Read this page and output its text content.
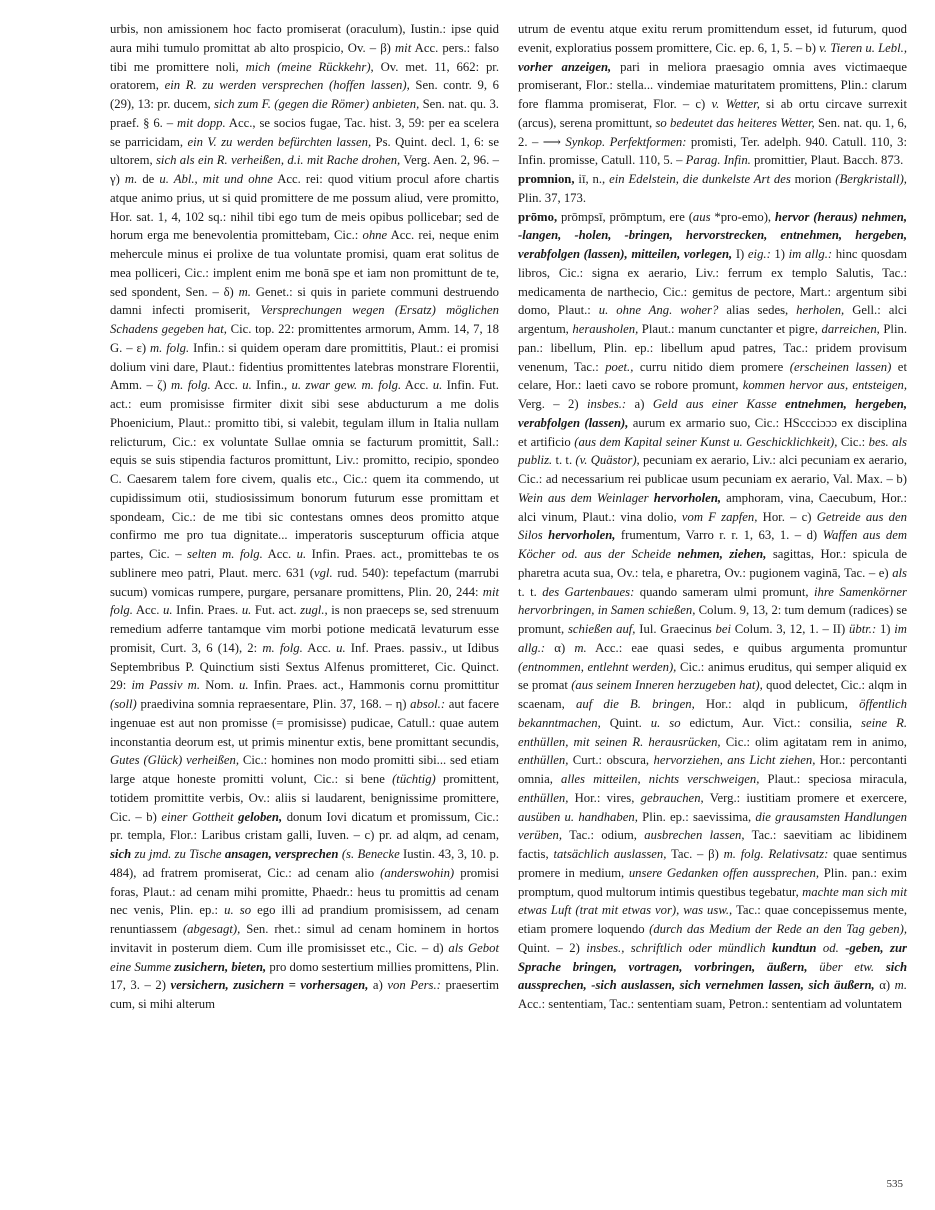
urbis, non amissionem hoc facto promiserat (oraculum), Iustin.: ipse quid aura mihi tumulo promittat ab alto prospicio, Ov. – β) mit Acc. pers.: falso tibi me promittere noli, mich (meine Rückkehr), Ov. met. 11, 662: pr. oratorem, ein R. zu werden versprechen (hoffen lassen), Sen. contr. 9, 6 (29), 13: pr. ducem, sich zum F. (gegen die Römer) anbieten, Sen. nat. qu. 3. praef. § 6. – mit dopp. Acc., se socios fugae, Tac. hist. 3, 59: per ea scelera se parricidam, ein V. zu werden befürchten lassen, Ps. Quint. decl. 1, 6: se ultorem, sich als ein R. verheißen, d.i. mit Rache drohen, Verg. Aen. 2, 96. – γ) m. de u. Abl., mit und ohne Acc. rei: quod vitium procul afore chartis atque animo prius, ut si quid promittere de me possum aliud, vere promitto, Hor. sat. 1, 4, 102 sq.: nihil tibi ego tum de meis opibus pollicebar; sed de horum erga me benevolentia promittebam, Cic.: ohne Acc. rei, neque enim mehercule minus ei prolixe de tua voluntate promisi, quam erat solitus de mea polliceri, Cic.: implent enim me bonā spe et iam non promittunt de te, sed spondent, Sen. – δ) m. Genet.: si quis in pariete communi destruendo damni infecti promiserit, Versprechungen wegen (Ersatz) möglichen Schadens gegeben hat, Cic. top. 22: promittentes armorum, Amm. 14, 7, 18 G. – ε) m. folg. Infin.: si quidem operam dare promittitis, Plaut.: ei promisi dolium vini dare, Plaut.: fidentius promittentes latebras monstrare Florentii, Amm. – ζ) m. folg. Acc. u. Infin., u. zwar gew. m. folg. Acc. u. Infin. Fut. act.: eum promisisse firmiter dixit sibi sese abducturum a me dolis Phoenicium, Plaut.: promitto tibi, si valebit, tegulam illum in Italia nullam relicturum, Cic.: ex voluntate Sullae omnia se facturum promittit, Sall.: equis se suis stipendia facturos promittunt, Liv.: promitto, recipio, spondeo C. Caesarem talem fore civem, qualis etc., Cic.: quem ita commendo, ut cupidissimum otii, studiosissimum bonorum futurum esse promittam et spondeam, Cic.: de me tibi sic contestans omnes deos promitto atque confirmo me pro tua dignitate... imperatoris suscepturum officia atque partes, Cic. – selten m. folg. Acc. u. Infin. Praes. act., promittebas te os sublinere meo patri, Plaut. merc. 631 (vgl. rud. 540): tepefactum (marrubi sucum) vomicas rumpere, purgare, persanare promittens, Plin. 20, 244: mit folg. Acc. u. Infin. Praes. u. Fut. act. zugl., is non praeceps se, sed strenuum remedium adferre tantamque vim morbi potione medicatā levaturum esse promisit, Curt. 3, 6 (14), 2: m. folg. Acc. u. Inf. Praes. passiv., ut Idibus Septembribus P. Quinctium sisti Sextus Alfenus promitteret, Cic. Quinct. 29: im Passiv m. Nom. u. Infin. Praes. act., Hammonis cornu promittitur (soll) praedivina somnia repraesentare, Plin. 37, 168. – η) absol.: aut facere ingenuae est aut non promisse (= promisisse) pudicae, Catull.: quae autem inconstantia deorum est, ut primis minentur extis, bene promittant secundis, Gutes (Glück) verheißen, Cic.: homines non modo promitti sibi... sed etiam large atque honeste promitti volunt, Cic.: si bene (tüchtig) promittent, totidem promittite verbis, Ov.: aliis si laudarent, benignissime promittere, Cic. – b) einer Gottheit geloben, donum Iovi dicatum et promissum, Cic.: pr. templa, Flor.: Laribus cristam galli, Iuven. – c) pr. ad alqm, ad cenam, sich zu jmd. zu Tische ansagen, versprechen (s. Benecke Iustin. 43, 3, 10. p. 484), ad fratrem promiserat, Cic.: ad cenam alio (anderswohin) promisi foras, Plaut.: ad cenam mihi promitte, Phaedr.: heus tu promittis ad cenam nec venis, Plin. ep.: u. so ego illi ad prandium promisissem, ad cenam renuntiassem (abgesagt), Sen. rhet.: simul ad cenam hominem in hortos invitavit in posterum diem. Cum ille promisisset etc., Cic. – d) als Gebot eine Summe zusichern, bieten, pro domo sestertium millies promittens, Plin. 17, 3. – 2) versichern, zusichern = vorhersagen, a) von Pers.: praesertim cum, si mihi alterum

utrum de eventu atque exitu rerum promittendum esset, id futurum, quod evenit, exploratius possem promittere, Cic. ep. 6, 1, 5. – b) v. Tieren u. Lebl., vorher anzeigen, pari in meliora praesagio omnia aves victimaeque promiserant, Flor.: stella... vindemiae maturitatem promittens, Plin.: clarum fore flamma promiserat, Flor. – c) v. Wetter, si ab ortu circave surrexit (arcus), serena promittunt, so bedeutet das heiteres Wetter, Sen. nat. qu. 1, 6, 2. – ⟶ Synkop. Perfektformen: promisti, Ter. adelph. 940. Catull. 110, 3: Infin. promisse, Catull. 110, 5. – Parag. Infin. promittier, Plaut. Bacch. 873.

promnion, iī, n., ein Edelstein, die dunkelste Art des morion (Bergkristall), Plin. 37, 173.

prōmo, prōmpsī, prōmptum, ere (aus *pro-emo), hervor (heraus) nehmen, -langen, -holen, -bringen, hervorstrecken, entnehmen, hergeben, verabfolgen (lassen), mitteilen, vorlegen, I) eig.: 1) im allg.: hinc quosdam libros, Cic.: signa ex aerario, Liv.: ferrum ex templo Salutis, Tac.: medicamenta de narthecio, Cic.: gemitus de pectore, Mart.: argentum sibi domo, Plaut.: u. ohne Ang. woher? alias sedes, herholen, Gell.: alci argentum, herausholen, Plaut.: manum cunctanter et pigre, darreichen, Plin. pan.: libellum, Plin. ep.: libellum apud patres, Tac.: pridem provisum venenum, Tac.: poet., curru nitido diem promere (erscheinen lassen) et celare, Hor.: laeti cavo se robore promunt, kommen hervor aus, entsteigen, Verg. – 2) insbes.: a) Geld aus einer Kasse entnehmen, hergeben, verabfolgen (lassen), aurum ex armario suo, Cic.: HSccciɔɔɔ ex disciplina et artificio (aus dem Kapital seiner Kunst u. Geschicklichkeit), Cic.: bes. als publiz. t. t. (v. Quästor), pecuniam ex aerario, Liv.: alci pecuniam ex aerario, Cic.: ad necessarium rei publicae usum pecuniam ex aerario, Val. Max. – b) Wein aus dem Weinlager hervorholen, amphoram, vina, Caecubum, Hor.: alci vinum, Plaut.: vina dolio, vom F zapfen, Hor. – c) Getreide aus den Silos hervorholen, frumentum, Varro r. r. 1, 63, 1. – d) Waffen aus dem Köcher od. aus der Scheide nehmen, ziehen, sagittas, Hor.: spicula de pharetra acuta sua, Ov.: tela, e pharetra, Ov.: pugionem vaginā, Tac. – e) als t. t. des Gartenbaues: quando sameram ulmi promunt, ihre Samenkörner hervorbringen, in Samen schießen, Colum. 9, 13, 2: tum demum (radices) se promunt, schießen auf, Iul. Graecinus bei Colum. 3, 12, 1. – II) übtr.: 1) im allg.: α) m. Acc.: eae quasi sedes, e quibus argumenta promuntur (entnommen, entlehnt werden), Cic.: animus eruditus, qui semper aliquid ex se promat (aus seinem Inneren herzugeben hat), quod delectet, Cic.: alqm in scaenam, auf die B. bringen, Hor.: alqd in publicum, öffentlich bekanntmachen, Quint. u. so edictum, Aur. Vict.: consilia, seine R. enthüllen, mit seinen R. herausrücken, Cic.: olim agitatam rem in animo, enthüllen, Curt.: obscura, hervorziehen, ans Licht ziehen, Hor.: percontanti omnia, alles mitteilen, nichts verschweigen, Plaut.: speciosa miracula, enthüllen, Hor.: vires, gebrauchen, Verg.: iustitiam promere et exercere, ausüben u. handhaben, Plin. ep.: saevissima, die grausamsten Handlungen verüben, Tac.: odium, ausbrechen lassen, Tac.: saevitiam ac libidinem factis, tatsächlich auslassen, Tac. – β) m. folg. Relativsatz: quae sentimus promere in medium, unsere Gedanken offen aussprechen, Plin. pan.: exim promptum, quod multorum intimis questibus tegebatur, machte man sich mit etwas Luft (trat mit etwas vor), was usw., Tac.: quae concepissemus mente, etiam promere loquendo (durch das Medium der Rede an den Tag geben), Quint. – 2) insbes., schriftlich oder mündlich kundtun od. -geben, zur Sprache bringen, vortragen, vorbringen, äußern, über etw. sich aussprechen, -sich auslassen, sich vernehmen lassen, sich äußern, α) m. Acc.: sententiam, Tac.: sententiam suam, Petron.: sententiam ad voluntatem

535
